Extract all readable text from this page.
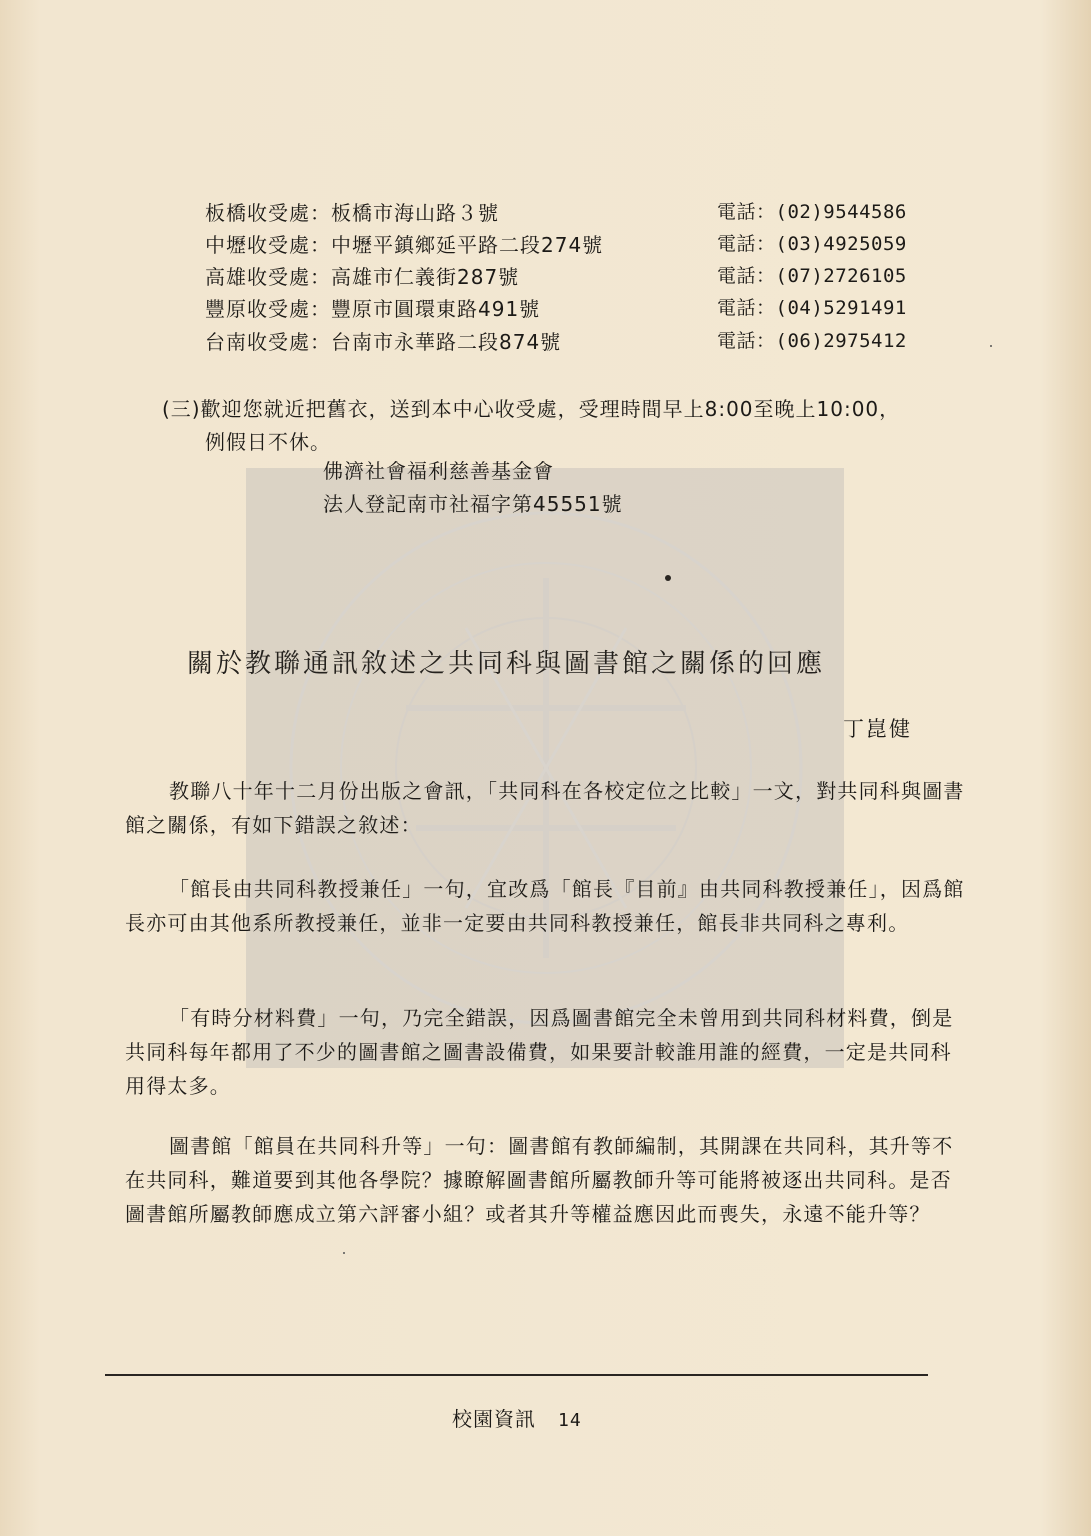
板橋收受處：板橋市海山路３號	電話：(02)9544586
中壢收受處：中壢平鎮鄉延平路二段274號	電話：(03)4925059
高雄收受處：高雄市仁義街287號	電話：(07)2726105
豐原收受處：豐原市圓環東路491號	電話：(04)5291491
台南收受處：台南市永華路二段874號	電話：(06)2975412
(三)歡迎您就近把舊衣，送到本中心收受處，受理時間早上8:00至晚上10:00，
例假日不休。
佛濟社會福利慈善基金會
法人登記南市社福字第45551號
關於教聯通訊敘述之共同科與圖書館之關係的回應
丁崑健
教聯八十年十二月份出版之會訊，「共同科在各校定位之比較」一文，對共同科與圖書館之關係，有如下錯誤之敘述：
「館長由共同科教授兼任」一句，宜改爲「館長『目前』由共同科教授兼任」，因爲館長亦可由其他系所教授兼任，並非一定要由共同科教授兼任，館長非共同科之專利。
「有時分材料費」一句，乃完全錯誤，因爲圖書館完全未曾用到共同科材料費，倒是共同科每年都用了不少的圖書館之圖書設備費，如果要計較誰用誰的經費，一定是共同科用得太多。
圖書館「館員在共同科升等」一句：圖書館有教師編制，其開課在共同科，其升等不在共同科，難道要到其他各學院？據瞭解圖書館所屬教師升等可能將被逐出共同科。是否圖書館所屬教師應成立第六評審小組？或者其升等權益應因此而喪失，永遠不能升等？
校園資訊 14
